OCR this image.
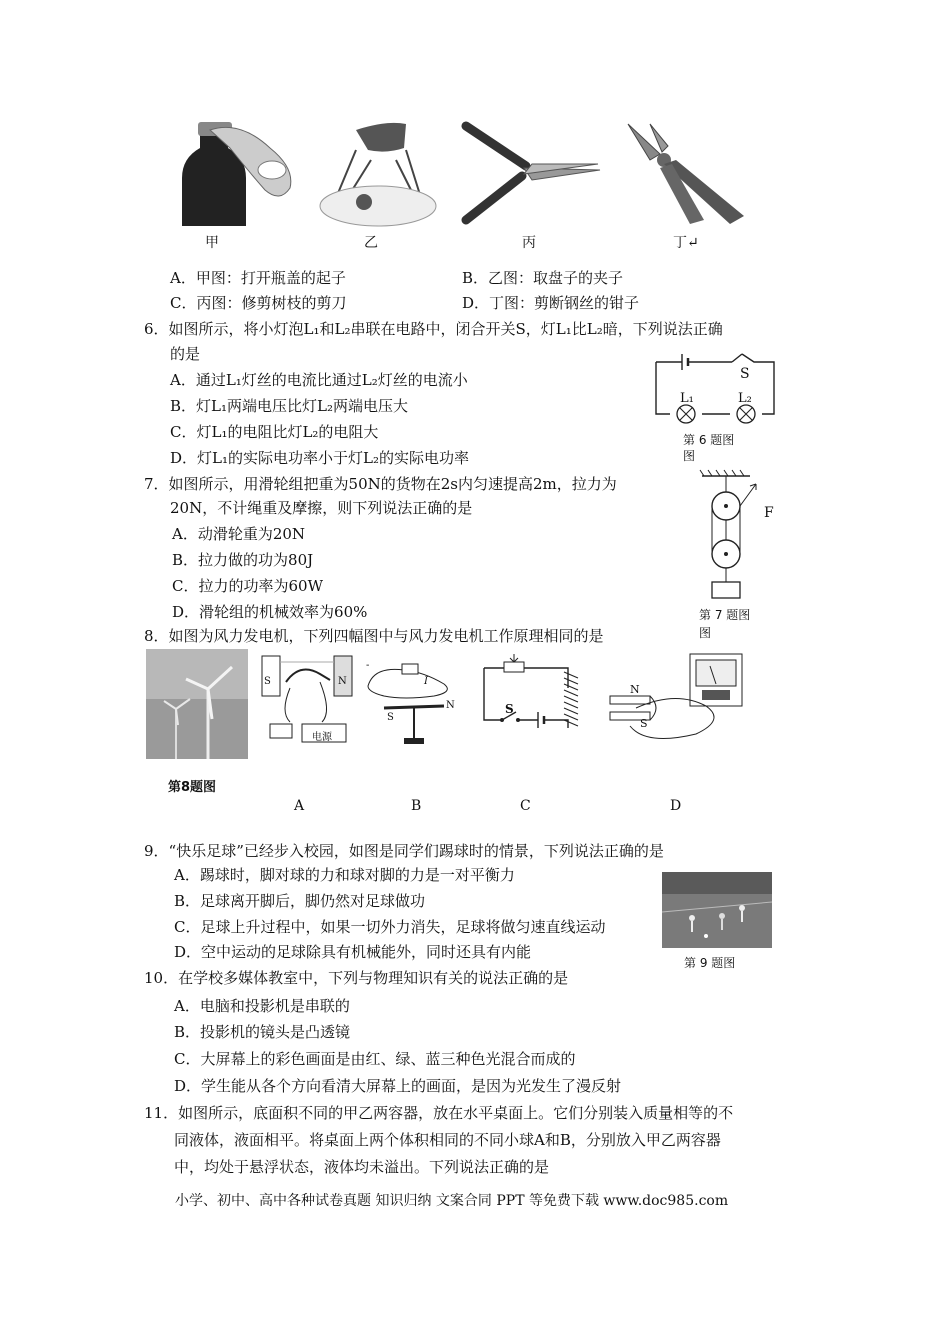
甲	乙	丙	丁↵
A．甲图：打开瓶盖的起子	B．乙图：取盘子的夹子
C．丙图：修剪树枝的剪刀	D．丁图：剪断钢丝的钳子
6．如图所示，将小灯泡L₁和L₂串联在电路中，闭合开关S，灯L₁比L₂暗，下列说法正确
的是
A．通过L₁灯丝的电流比通过L₂灯丝的电流小
B．灯L₁两端电压比灯L₂两端电压大
C．灯L₁的电阻比灯L₂的电阻大
D．灯L₁的实际电功率小于灯L₂的实际电功率
S
L₁	L₂
第 6 题图
图
7．如图所示，用滑轮组把重为50N的货物在2s内匀速提高2m，拉力为
20N，不计绳重及摩擦，则下列说法正确的是
A．动滑轮重为20N
B．拉力做的功为80J
C．拉力的功率为60W
D．滑轮组的机械效率为60%
F
第 7 题图
图
8．如图为风力发电机，下列四幅图中与风力发电机工作原理相同的是
第8题图
S	N
电源
-
I
S
N	S
N
S
A	B	C	D
9．“快乐足球”已经步入校园，如图是同学们踢球时的情景，下列说法正确的是
A．踢球时，脚对球的力和球对脚的力是一对平衡力
B．足球离开脚后，脚仍然对足球做功
C．足球上升过程中，如果一切外力消失，足球将做匀速直线运动
D．空中运动的足球除具有机械能外，同时还具有内能
第 9 题图
10．在学校多媒体教室中，下列与物理知识有关的说法正确的是
A．电脑和投影机是串联的
B．投影机的镜头是凸透镜
C．大屏幕上的彩色画面是由红、绿、蓝三种色光混合而成的
D．学生能从各个方向看清大屏幕上的画面，是因为光发生了漫反射
11．如图所示，底面积不同的甲乙两容器，放在水平桌面上。它们分别装入质量相等的不
同液体，液面相平。将桌面上两个体积相同的不同小球A和B，分别放入甲乙两容器
中，均处于悬浮状态，液体均未溢出。下列说法正确的是
小学、初中、高中各种试卷真题 知识归纳 文案合同 PPT 等免费下载 www.doc985.com
